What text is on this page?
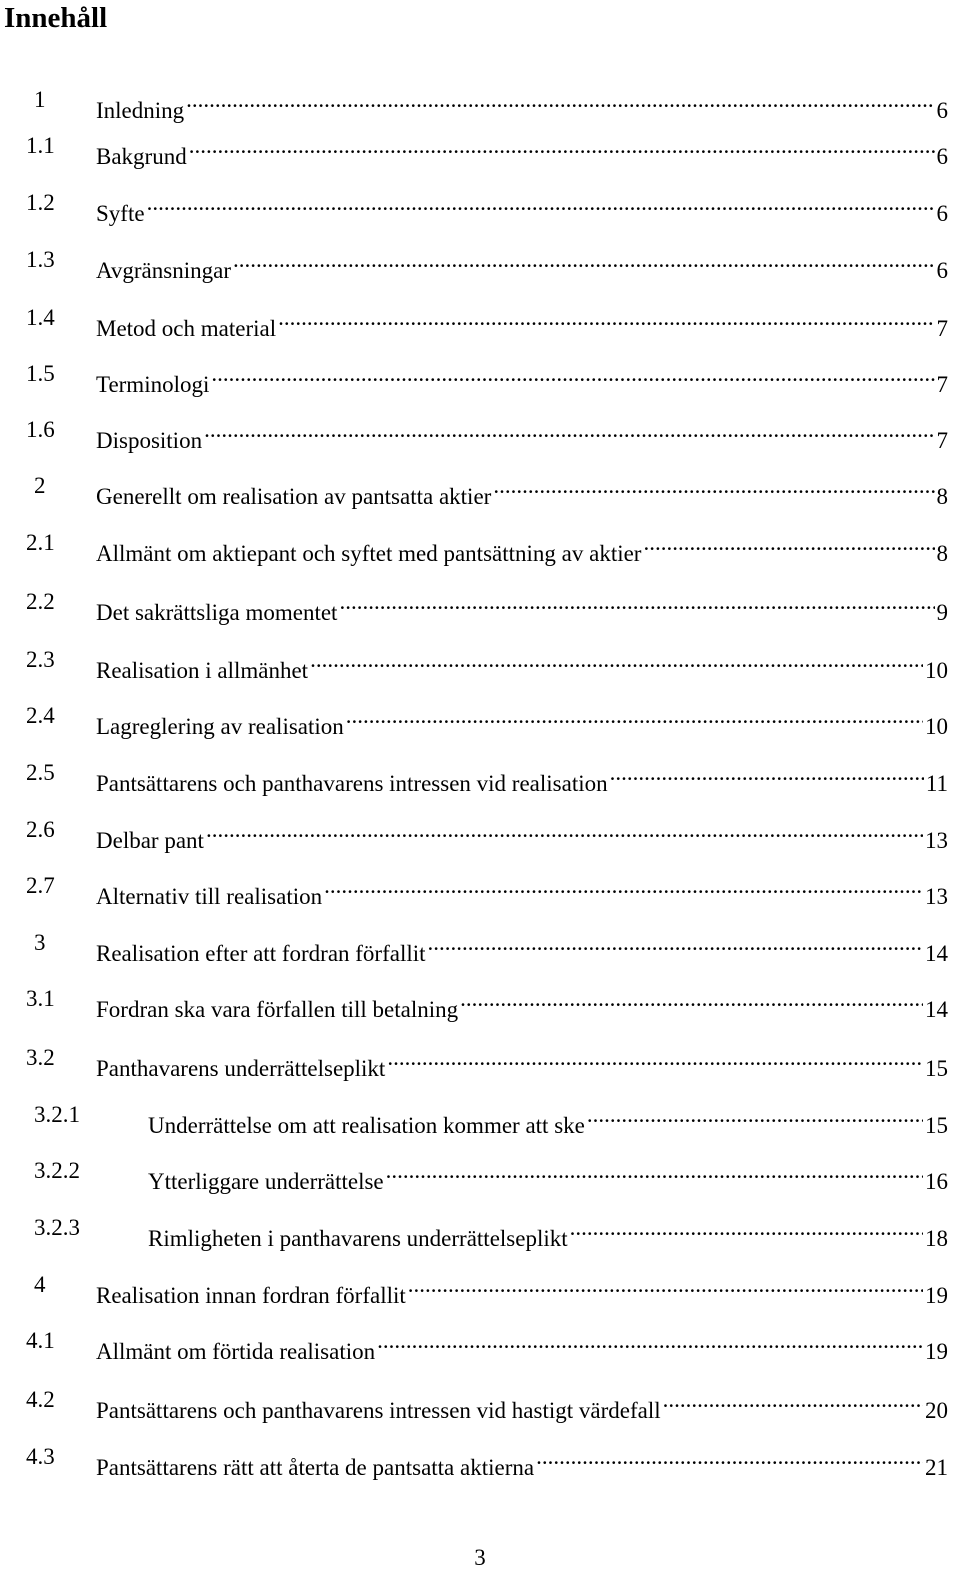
Innehåll
1 Inledning .....	6
1.1 Bakgrund .....	6
1.2 Syfte .....	6
1.3 Avgränsningar .....	6
1.4 Metod och material .....	7
1.5 Terminologi .....	7
1.6 Disposition .....	7
2 Generellt om realisation av pantsatta aktier .....	8
2.1 Allmänt om aktiepant och syftet med pantsättning av aktier .....	8
2.2 Det sakrättsliga momentet .....	9
2.3 Realisation i allmänhet .....	10
2.4 Lagreglering av realisation .....	10
2.5 Pantsättarens och panthavarens intressen vid realisation .....	11
2.6 Delbar pant .....	13
2.7 Alternativ till realisation .....	13
3 Realisation efter att fordran förfallit .....	14
3.1 Fordran ska vara förfallen till betalning .....	14
3.2 Panthavarens underrättelseplikt .....	15
3.2.1	Underrättelse om att realisation kommer att ske .....	15
3.2.2	Ytterliggare underrättelse .....	16
3.2.3	Rimligheten i panthavarens underrättelseplikt .....	18
4 Realisation innan fordran förfallit .....	19
4.1 Allmänt om förtida realisation .....	19
4.2 Pantsättarens och panthavarens intressen vid hastigt värdefall .....	20
4.3 Pantsättarens rätt att återta de pantsatta aktierna .....	21
3
